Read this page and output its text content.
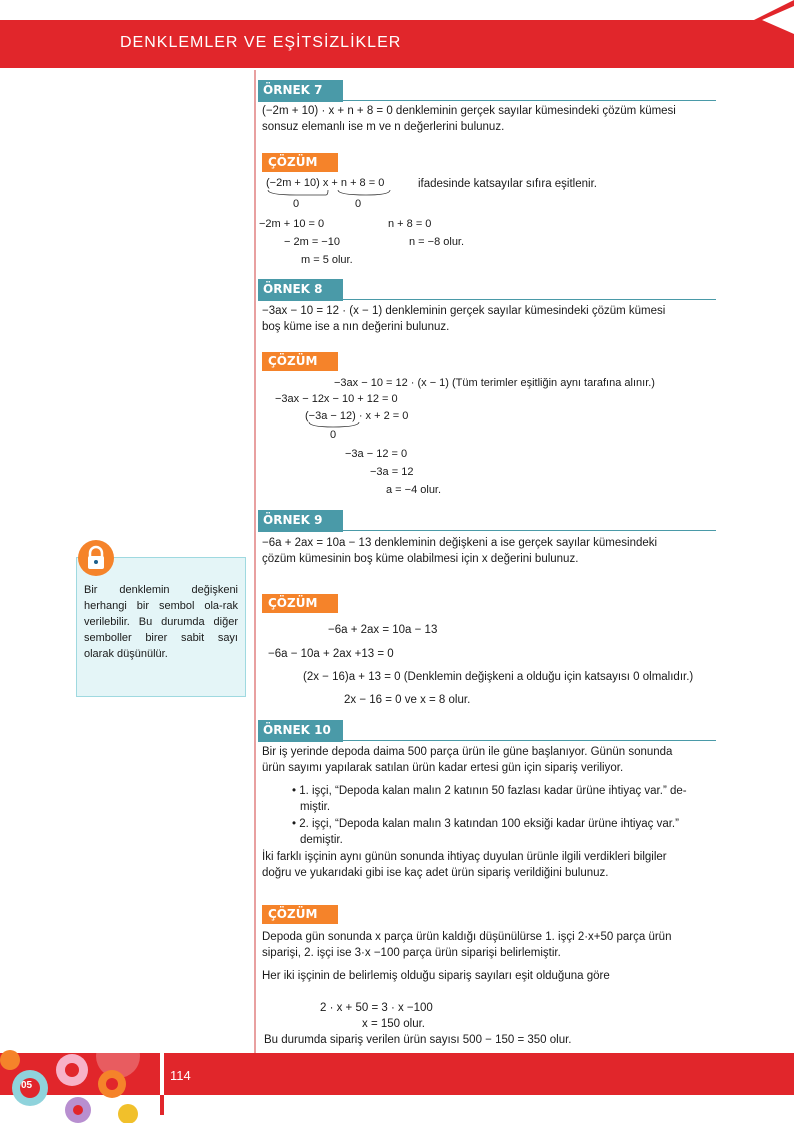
DENKLEMLER VE EŞİTSİZLİKLER
ÖRNEK 7
(−2m + 10) · x + n + 8 = 0 denkleminin gerçek sayılar kümesindeki çözüm kümesi
sonsuz elemanlı ise m ve n değerlerini bulunuz.
ÇÖZÜM
(−2m + 10) x + n + 8 = 0	ifadesinde katsayılar sıfıra eşitlenir.
0	0
−2m + 10 = 0
− 2m = −10
m = 5 olur.
n + 8 = 0
n = −8 olur.
ÖRNEK 8
−3ax − 10 = 12 · (x − 1) denkleminin gerçek sayılar kümesindeki çözüm kümesi
boş küme ise a nın değerini bulunuz.
ÇÖZÜM
−3ax − 10 = 12 · (x − 1) (Tüm terimler eşitliğin aynı tarafına alınır.)
−3ax − 12x − 10 + 12 = 0
(−3a − 12) · x + 2 = 0
0
−3a − 12 = 0
−3a = 12
a = −4 olur.
ÖRNEK 9
−6a + 2ax = 10a − 13 denkleminin değişkeni a ise gerçek sayılar kümesindeki
çözüm kümesinin boş küme olabilmesi için x değerini bulunuz.
Bir denklemin değişkeni herhangi bir sembol ola-rak verilebilir. Bu durumda diğer semboller birer sabit sayı olarak düşünülür.
ÇÖZÜM
−6a + 2ax = 10a − 13
−6a − 10a + 2ax +13 = 0
(2x − 16)a + 13 = 0 (Denklemin değişkeni a olduğu için katsayısı 0 olmalıdır.)
2x − 16 = 0 ve x = 8 olur.
ÖRNEK 10
Bir iş yerinde depoda daima 500 parça ürün ile güne başlanıyor. Günün sonunda
ürün sayımı yapılarak satılan ürün kadar ertesi gün için sipariş veriliyor.
• 1. işçi, “Depoda kalan malın 2 katının 50 fazlası kadar ürüne ihtiyaç var.” de-
miştir.
• 2. işçi, “Depoda kalan malın 3 katından 100 eksiği kadar ürüne ihtiyaç var.”
demiştir.
İki farklı işçinin aynı günün sonunda ihtiyaç duyulan ürünle ilgili verdikleri bilgiler
doğru ve yukarıdaki gibi ise kaç adet ürün sipariş verildiğini bulunuz.
ÇÖZÜM
Depoda gün sonunda x parça ürün kaldığı düşünülürse 1. işçi 2·x+50 parça ürün
siparişi, 2. işçi ise 3·x −100 parça ürün siparişi belirlemiştir.
Her iki işçinin de belirlemiş olduğu sipariş sayıları eşit olduğuna göre
2 · x + 50 = 3 · x −100
x = 150 olur.
Bu durumda sipariş verilen ürün sayısı 500 − 150 = 350 olur.
114
05
